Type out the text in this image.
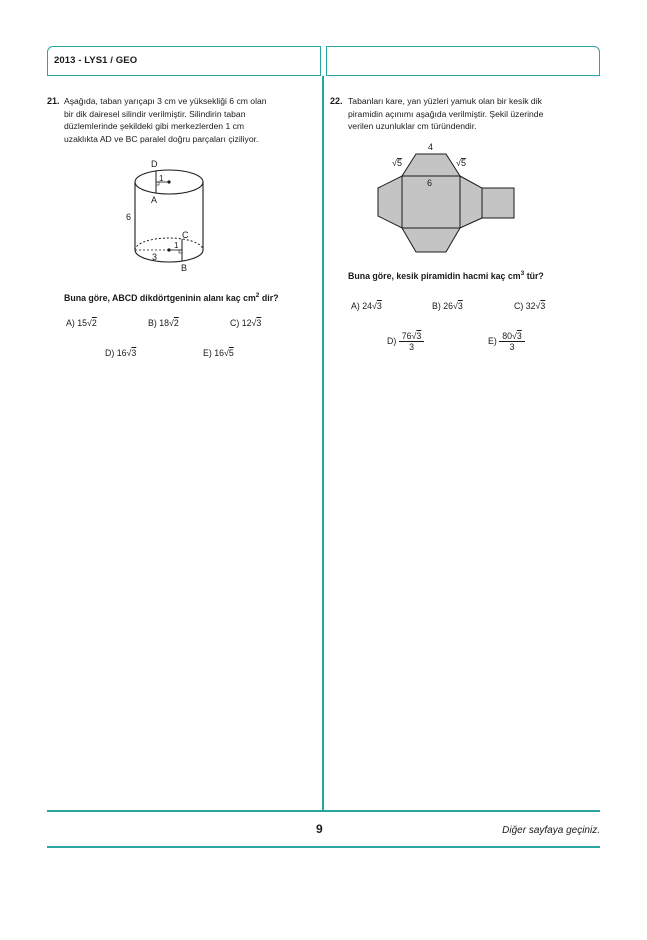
2013 - LYS1 / GEO
21. Aşağıda, taban yarıçapı 3 cm ve yüksekliği 6 cm olan
bir dik dairesel silindir verilmiştir. Silindirin taban
düzlemlerinde şekildeki gibi merkezlerden 1 cm
uzaklıkta AD ve BC paralel doğru parçaları çiziliyor.
D
1
A
6
C
1
3
B
Buna göre, ABCD dikdörtgeninin alanı kaç $cm^2$ dir?
A) 15√2	B) 18√2	C) 12√3
D) 16√3	E) 16√5
22. Tabanları kare, yan yüzleri yamuk olan bir kesik dik
piramidin açınımı aşağıda verilmiştir. Şekil üzerinde
verilen uzunluklar cm türündendir.
4
6
√5	√5
Buna göre, kesik piramidin hacmi kaç $cm^3$ tür?
A) 24√3	B) 26√3	C) 32√3
$D) \frac{76√3}{3}$	$E) \frac{80√3}{3}$
9	Diğer sayfaya geçiniz.
